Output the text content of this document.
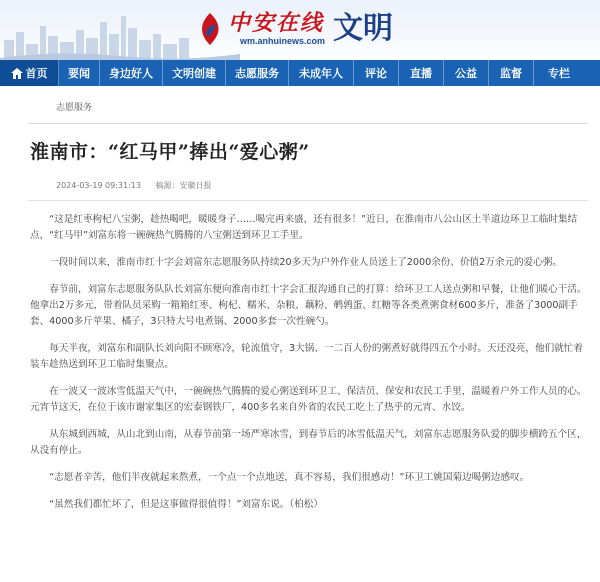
中安在线
wm.anhuinews.com 文明
首页 要闻 身边好人 文明创建 志愿服务 未成年人 评论 直播 公益 监督 专栏
志愿服务
淮南市：“红马甲”捧出“爱心粥”
2024-03-19 09:31:13 稿源：安徽日报

“这是红枣枸杞八宝粥，趁热喝吧，暖暖身子……喝完再来盛，还有很多！”近日，在淮南市八公山区土半道边环卫工临时集结点，“红马甲”刘富东将一碗碗热气腾腾的八宝粥送到环卫工手里。

一段时间以来，淮南市红十字会刘富东志愿服务队持续20多天为户外作业人员送上了2000余份、价值2万余元的爱心粥。

春节前，刘富东志愿服务队队长刘富东便向淮南市红十字会汇报沟通自己的打算：给环卫工人送点粥和早餐，让他们暖心干活。他拿出2万多元，带着队员采购一箱箱红枣、枸杞、糯米、杂粮、藕粉、鹌鹑蛋、红糖等各类煮粥食材600多斤，准备了3000副手套、4000多斤苹果、橘子，3只特大号电煮锅、2000多套一次性碗勺。

每天半夜，刘富东和副队长刘向阳不顾寒冷，轮流值守，3大锅、一二百人份的粥煮好就得四五个小时。天还没亮，他们就忙着装车趁热送到环卫工临时集聚点。

在一波又一波冰雪低温天气中，一碗碗热气腾腾的爱心粥送到环卫工、保洁员、保安和农民工手里，温暖着户外工作人员的心。元宵节这天，在位于该市谢家集区的宏泰钢铁厂，400多名来自外省的农民工吃上了热乎的元宵、水饺。

从东城到西城，从山北到山南，从春节前第一场严寒冰雪，到春节后的冰雪低温天气，刘富东志愿服务队爱的脚步横跨五个区，从没有停止。

“志愿者辛苦，他们半夜就起来熬煮，一个点一个点地送，真不容易，我们很感动！”环卫工姚国菊边喝粥边感叹。

“虽然我们都忙坏了，但是这事做得很值得！”刘富东说。（柏松）
